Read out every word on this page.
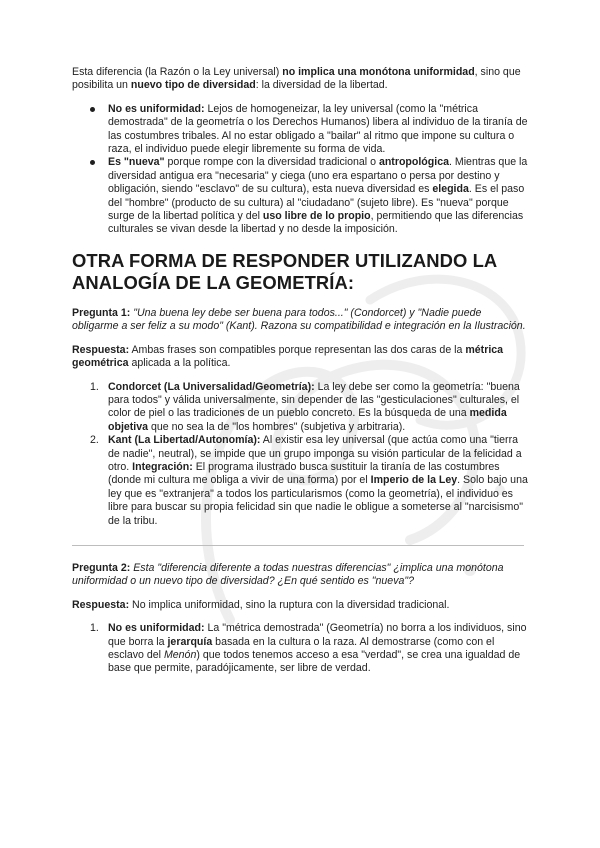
Esta diferencia (la Razón o la Ley universal) no implica una monótona uniformidad, sino que posibilita un nuevo tipo de diversidad: la diversidad de la libertad.

No es uniformidad: Lejos de homogeneizar, la ley universal (como la "métrica demostrada" de la geometría o los Derechos Humanos) libera al individuo de la tiranía de las costumbres tribales. Al no estar obligado a "bailar" al ritmo que impone su cultura o raza, el individuo puede elegir libremente su forma de vida.
Es "nueva" porque rompe con la diversidad tradicional o antropológica. Mientras que la diversidad antigua era "necesaria" y ciega (uno era espartano o persa por destino y obligación, siendo "esclavo" de su cultura), esta nueva diversidad es elegida. Es el paso del "hombre" (producto de su cultura) al "ciudadano" (sujeto libre). Es "nueva" porque surge de la libertad política y del uso libre de lo propio, permitiendo que las diferencias culturales se vivan desde la libertad y no desde la imposición.
OTRA FORMA DE RESPONDER UTILIZANDO LA ANALOGÍA DE LA GEOMETRÍA:

Pregunta 1: "Una buena ley debe ser buena para todos..." (Condorcet) y "Nadie puede obligarme a ser feliz a su modo" (Kant). Razona su compatibilidad e integración en la Ilustración.

Respuesta: Ambas frases son compatibles porque representan las dos caras de la métrica geométrica aplicada a la política.

1. Condorcet (La Universalidad/Geometría): La ley debe ser como la geometría: "buena para todos" y válida universalmente, sin depender de las "gesticulaciones" culturales, el color de piel o las tradiciones de un pueblo concreto. Es la búsqueda de una medida objetiva que no sea la de "los hombres" (subjetiva y arbitraria).
2. Kant (La Libertad/Autonomía): Al existir esa ley universal (que actúa como una "tierra de nadie", neutral), se impide que un grupo imponga su visión particular de la felicidad a otro. Integración: El programa ilustrado busca sustituir la tiranía de las costumbres (donde mi cultura me obliga a vivir de una forma) por el Imperio de la Ley. Solo bajo una ley que es "extranjera" a todos los particularismos (como la geometría), el individuo es libre para buscar su propia felicidad sin que nadie le obligue a someterse al "narcisismo" de la tribu.

Pregunta 2: Esta "diferencia diferente a todas nuestras diferencias" ¿implica una monótona uniformidad o un nuevo tipo de diversidad? ¿En qué sentido es "nueva"?

Respuesta: No implica uniformidad, sino la ruptura con la diversidad tradicional.

1. No es uniformidad: La "métrica demostrada" (Geometría) no borra a los individuos, sino que borra la jerarquía basada en la cultura o la raza. Al demostrarse (como con el esclavo del Menón) que todos tenemos acceso a esa "verdad", se crea una igualdad de base que permite, paradójicamente, ser libre de verdad.
